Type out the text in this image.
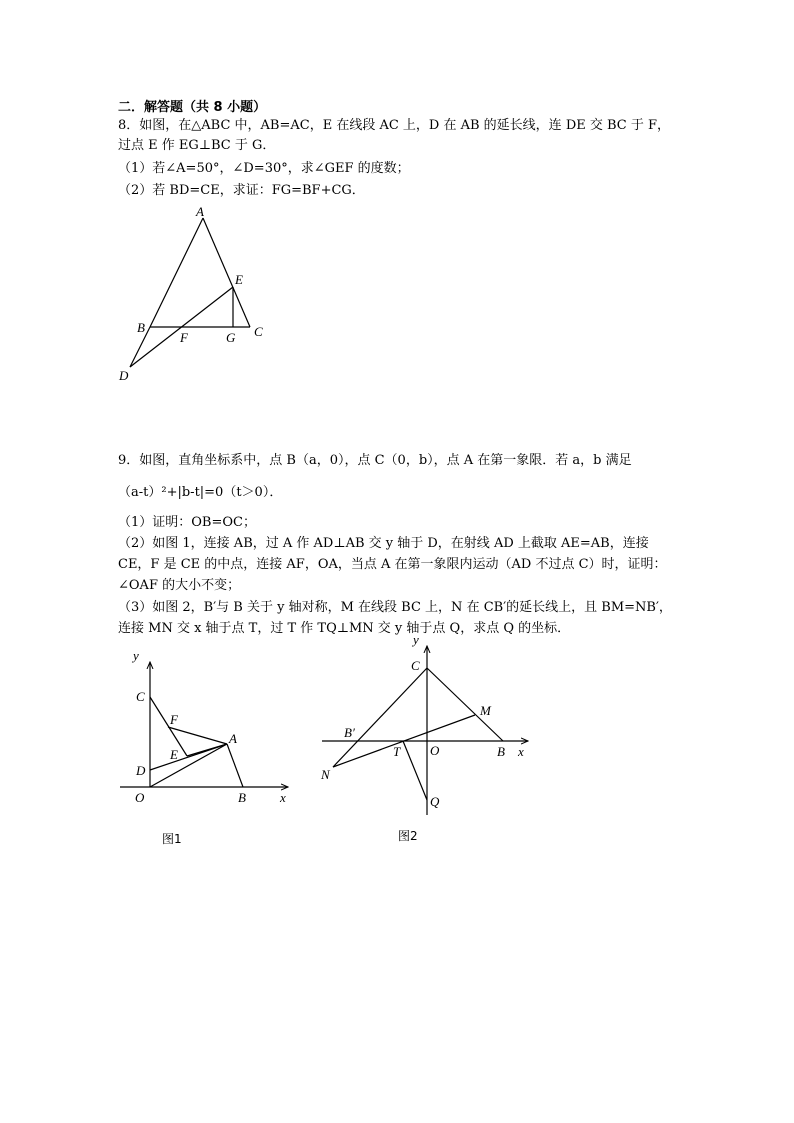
二．解答题（共 8 小题）
8．如图，在△ABC 中，AB=AC，E 在线段 AC 上，D 在 AB 的延长线，连 DE 交 BC 于 F，
过点 E 作 EG⊥BC 于 G．
（1）若∠A=50°，∠D=30°，求∠GEF 的度数；
（2）若 BD=CE，求证：FG=BF+CG．
A
E
B
F	G C
D
9．如图，直角坐标系中，点 B（a，0），点 C（0，b），点 A 在第一象限．若 a，b 满足
（a-t）²+|b-t|=0（t＞0）．
（1）证明：OB=OC；
（2）如图 1，连接 AB，过 A 作 AD⊥AB 交 y 轴于 D，在射线 AD 上截取 AE=AB，连接
CE，F 是 CE 的中点，连接 AF，OA，当点 A 在第一象限内运动（AD 不过点 C）时，证明：
∠OAF 的大小不变；
（3）如图 2，B′与 B 关于 y 轴对称，M 在线段 BC 上，N 在 CB′的延长线上，且 BM=NB′，
连接 MN 交 x 轴于点 T，过 T 作 TQ⊥MN 交 y 轴于点 Q，求点 Q 的坐标．
y
x
C
F
E
A
D
O	B
图1
y
x
C
M
B′
T O	B
N
Q
图2
